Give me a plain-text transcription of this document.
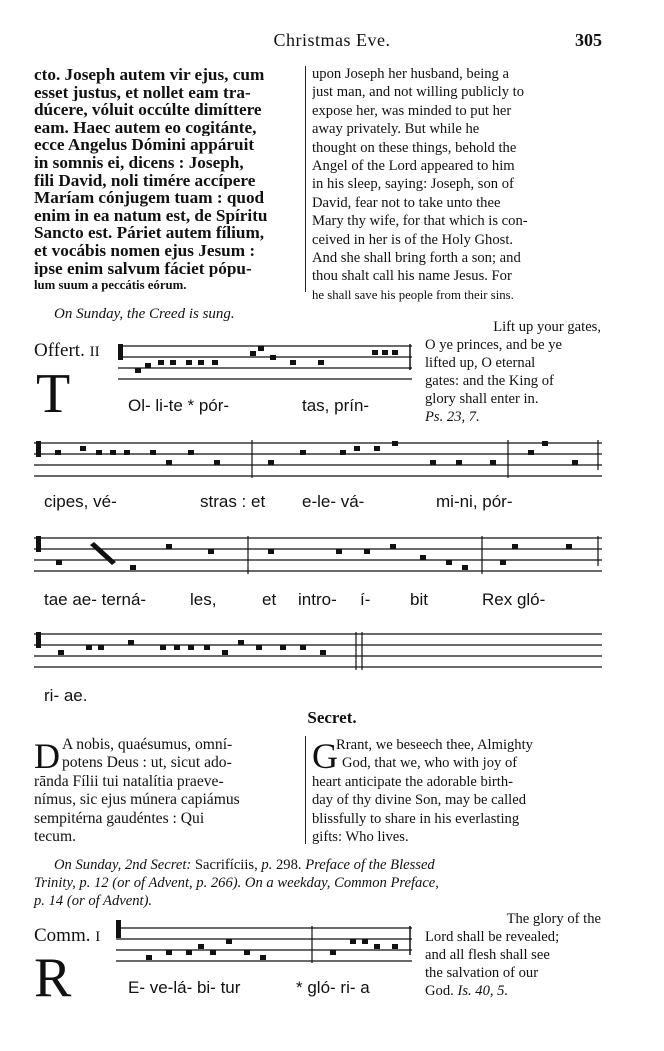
Christmas Eve.	305
cto. Joseph autem vir ejus, cum
esset justus, et nollet eam tra-
dúcere, vóluit occúlte dimíttere
eam. Haec autem eo cogitánte,
ecce Angelus Dómini appáruit
in somnis ei, dicens : Joseph,
fili David, noli timére accípere
Maríam cónjugem tuam : quod
enim in ea natum est, de Spíritu
Sancto est. Páriet autem fílium,
et vocábis nomen ejus Jesum :
ipse enim salvum fáciet pópu-
lum suum a peccátis eórum.
upon Joseph her husband, being a
just man, and not willing publicly to
expose her, was minded to put her
away privately. But while he
thought on these things, behold the
Angel of the Lord appeared to him
in his sleep, saying: Joseph, son of
David, fear not to take unto thee
Mary thy wife, for that which is con-
ceived in her is of the Holy Ghost.
And she shall bring forth a son; and
thou shalt call his name Jesus. For
he shall save his people from their sins.
On Sunday, the Creed is sung.
Offert. II
T
Lift up your gates,
O ye princes, and be ye
lifted up, O eternal
gates: and the King of
glory shall enter in.
Ps. 23, 7.
Ol- li-te * pór-	tas, prín-
cipes, vé-	stras : et e-le- vá-	mi-ni, pór-
tae ae- terná-	les,	et intro- í- bit	Rex gló-
ri- ae.
Secret.
D A nobis, quaésumus, omní-
potens Deus : ut, sicut ado-
rānda Fílii tui natalítia praeve-
nímus, sic ejus múnera capiámus
sempitérna gaudéntes : Qui
tecum.
G
Rrant, we beseech thee, Almighty
God, that we, who with joy of
heart anticipate the adorable birth-
day of thy divine Son, may be called
blissfully to share in his everlasting
gifts: Who lives.
On Sunday, 2nd Secret: Sacrifíciis, p. 298. Preface of the Blessed
Trinity, p. 12 (or of Advent, p. 266). On a weekday, Common Preface,
p. 14 (or of Advent).
Comm. I
R	E- ve-lá- bi- tur	* gló- ri- a
The glory of the
Lord shall be revealed;
and all flesh shall see
the salvation of our
God. Is. 40, 5.
